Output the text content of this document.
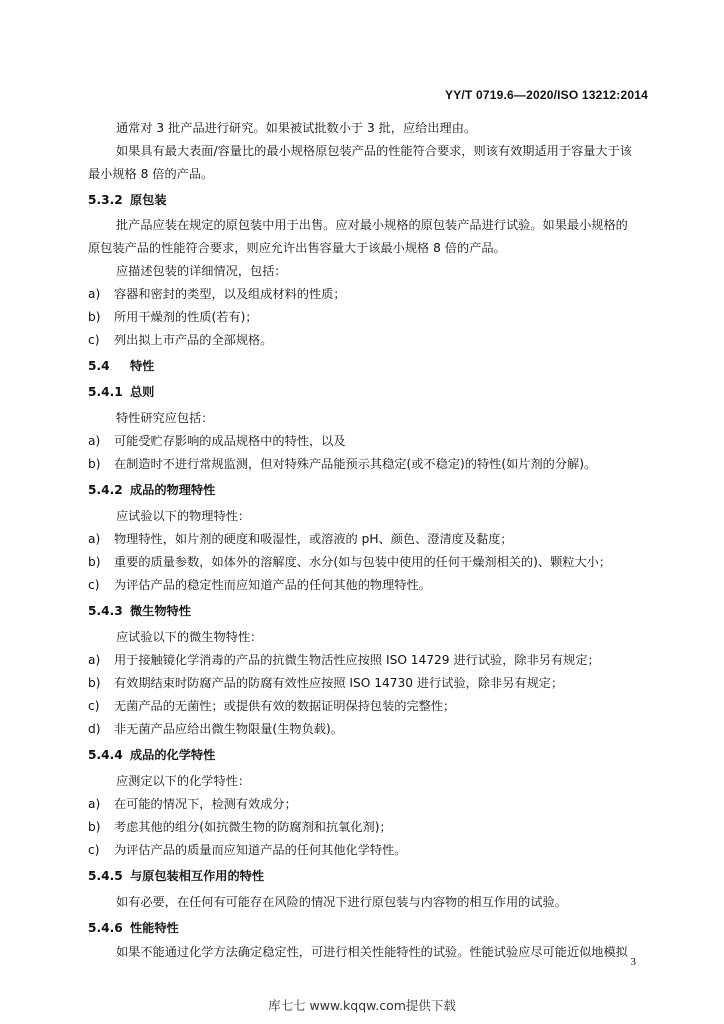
YY/T 0719.6—2020/ISO 13212:2014
通常对 3 批产品进行研究。如果被试批数小于 3 批，应给出理由。
如果具有最大表面/容量比的最小规格原包装产品的性能符合要求，则该有效期适用于容量大于该
最小规格 8 倍的产品。
5.3.2 原包装
批产品应装在规定的原包装中用于出售。应对最小规格的原包装产品进行试验。如果最小规格的
原包装产品的性能符合要求，则应允许出售容量大于该最小规格 8 倍的产品。
应描述包装的详细情况，包括：
a) 容器和密封的类型，以及组成材料的性质；
b) 所用干燥剂的性质(若有)；
c) 列出拟上市产品的全部规格。
5.4 特性
5.4.1 总则
特性研究应包括：
a) 可能受贮存影响的成品规格中的特性，以及
b) 在制造时不进行常规监测，但对特殊产品能预示其稳定(或不稳定)的特性(如片剂的分解)。
5.4.2 成品的物理特性
应试验以下的物理特性：
a) 物理特性，如片剂的硬度和吸湿性，或溶液的 pH、颜色、澄清度及黏度；
b) 重要的质量参数，如体外的溶解度、水分(如与包装中使用的任何干燥剂相关的)、颗粒大小；
c) 为评估产品的稳定性而应知道产品的任何其他的物理特性。
5.4.3 微生物特性
应试验以下的微生物特性：
a) 用于接触镜化学消毒的产品的抗微生物活性应按照 ISO 14729 进行试验，除非另有规定；
b) 有效期结束时防腐产品的防腐有效性应按照 ISO 14730 进行试验，除非另有规定；
c) 无菌产品的无菌性；或提供有效的数据证明保持包装的完整性；
d) 非无菌产品应给出微生物限量(生物负载)。
5.4.4 成品的化学特性
应测定以下的化学特性：
a) 在可能的情况下，检测有效成分；
b) 考虑其他的组分(如抗微生物的防腐剂和抗氧化剂)；
c) 为评估产品的质量而应知道产品的任何其他化学特性。
5.4.5 与原包装相互作用的特性
如有必要，在任何有可能存在风险的情况下进行原包装与内容物的相互作用的试验。
5.4.6 性能特性
如果不能通过化学方法确定稳定性，可进行相关性能特性的试验。性能试验应尽可能近似地模拟
3
库七七 www.kqqw.com提供下载
